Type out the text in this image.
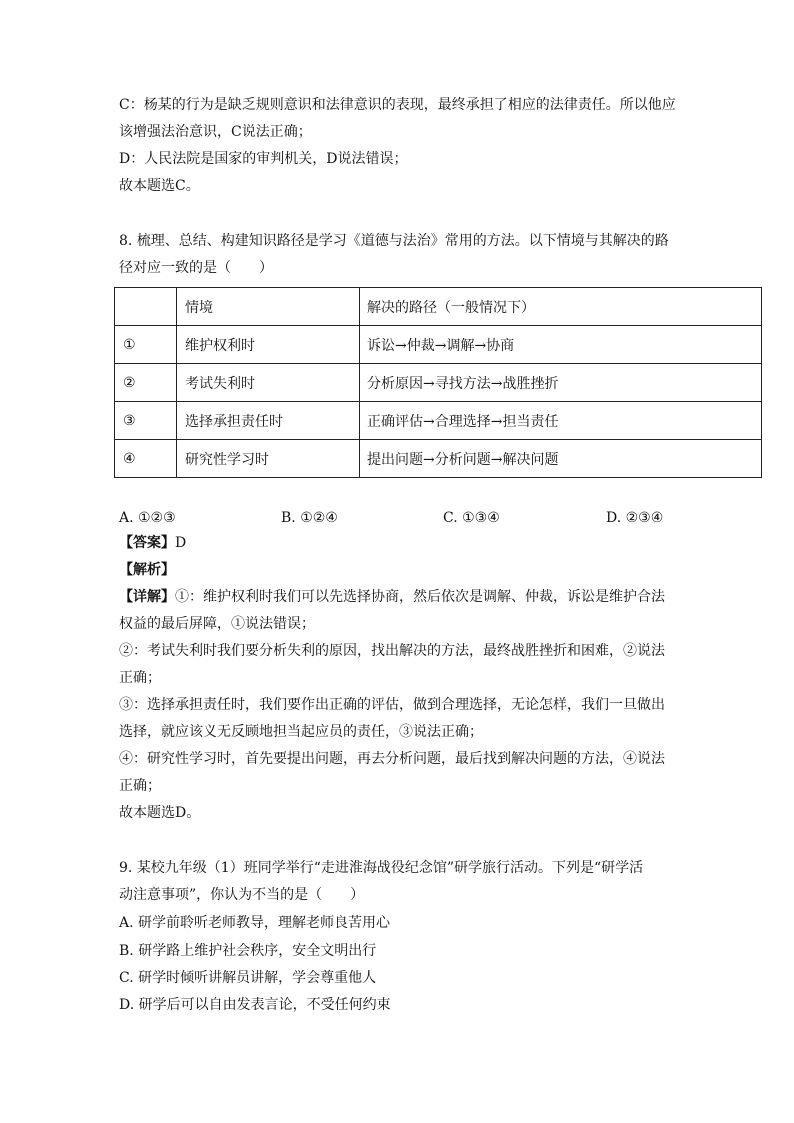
C：杨某的行为是缺乏规则意识和法律意识的表现，最终承担了相应的法律责任。所以他应
该增强法治意识，C说法正确；
D：人民法院是国家的审判机关，D说法错误；
故本题选C。
8. 梳理、总结、构建知识路径是学习《道德与法治》常用的方法。以下情境与其解决的路
径对应一致的是（　　）
	情境	解决的路径（一般情况下）
①	维护权利时	诉讼→仲裁→调解→协商
②	考试失利时	分析原因→寻找方法→战胜挫折
③	选择承担责任时	正确评估→合理选择→担当责任
④	研究性学习时	提出问题→分析问题→解决问题
A. ①②③	B. ①②④	C. ①③④	D. ②③④
【答案】D
【解析】
【详解】①：维护权利时我们可以先选择协商，然后依次是调解、仲裁，诉讼是维护合法
权益的最后屏障，①说法错误；
②：考试失利时我们要分析失利的原因，找出解决的方法，最终战胜挫折和困难，②说法
正确；
③：选择承担责任时，我们要作出正确的评估，做到合理选择，无论怎样，我们一旦做出
选择，就应该义无反顾地担当起应员的责任，③说法正确；
④：研究性学习时，首先要提出问题，再去分析问题，最后找到解决问题的方法，④说法
正确；
故本题选D。
9. 某校九年级（1）班同学举行“走进淮海战役纪念馆”研学旅行活动。下列是“研学活
动注意事项”，你认为不当的是（　　）
A. 研学前聆听老师教导，理解老师良苦用心
B. 研学路上维护社会秩序，安全文明出行
C. 研学时倾听讲解员讲解，学会尊重他人
D. 研学后可以自由发表言论，不受任何约束
